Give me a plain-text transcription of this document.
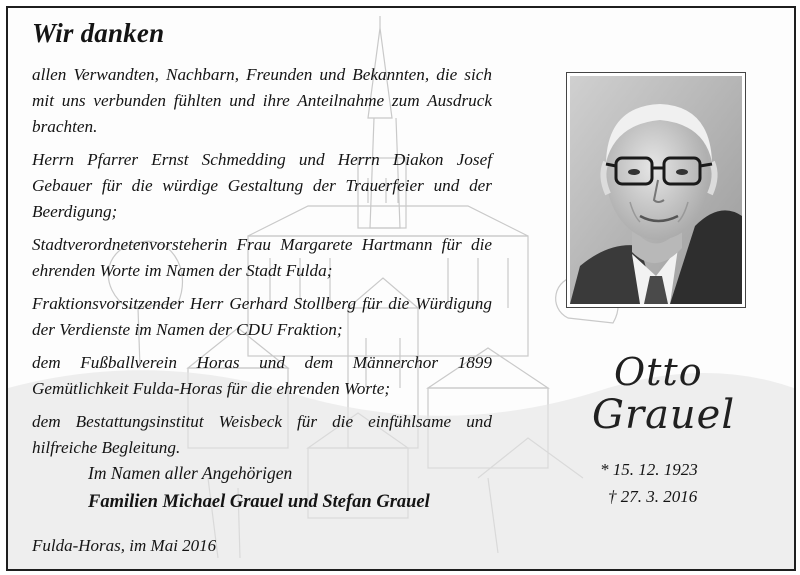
Wir danken

allen Verwandten, Nachbarn, Freunden und Bekannten, die sich mit uns verbunden fühlten und ihre Anteilnahme zum Ausdruck brachten.

Herrn Pfarrer Ernst Schmedding und Herrn Diakon Josef Gebauer für die würdige Gestaltung der Trauerfeier und der Beerdigung;

Stadtverordnetenvorsteherin Frau Margarete Hartmann für die ehrenden Worte im Namen der Stadt Fulda;

Fraktionsvorsitzender Herr Gerhard Stollberg für die Würdigung der Verdienste im Namen der CDU Fraktion;

dem Fußballverein Horas und dem Männerchor 1899 Gemütlichkeit Fulda-Horas für die ehrenden Worte;

dem Bestattungsinstitut Weisbeck für die einfühlsame und hilfreiche Begleitung.

Im Namen aller Angehörigen
Familien Michael Grauel und Stefan Grauel
Fulda-Horas, im Mai 2016
Otto
Grauel
* 15. 12. 1923
† 27. 3. 2016
